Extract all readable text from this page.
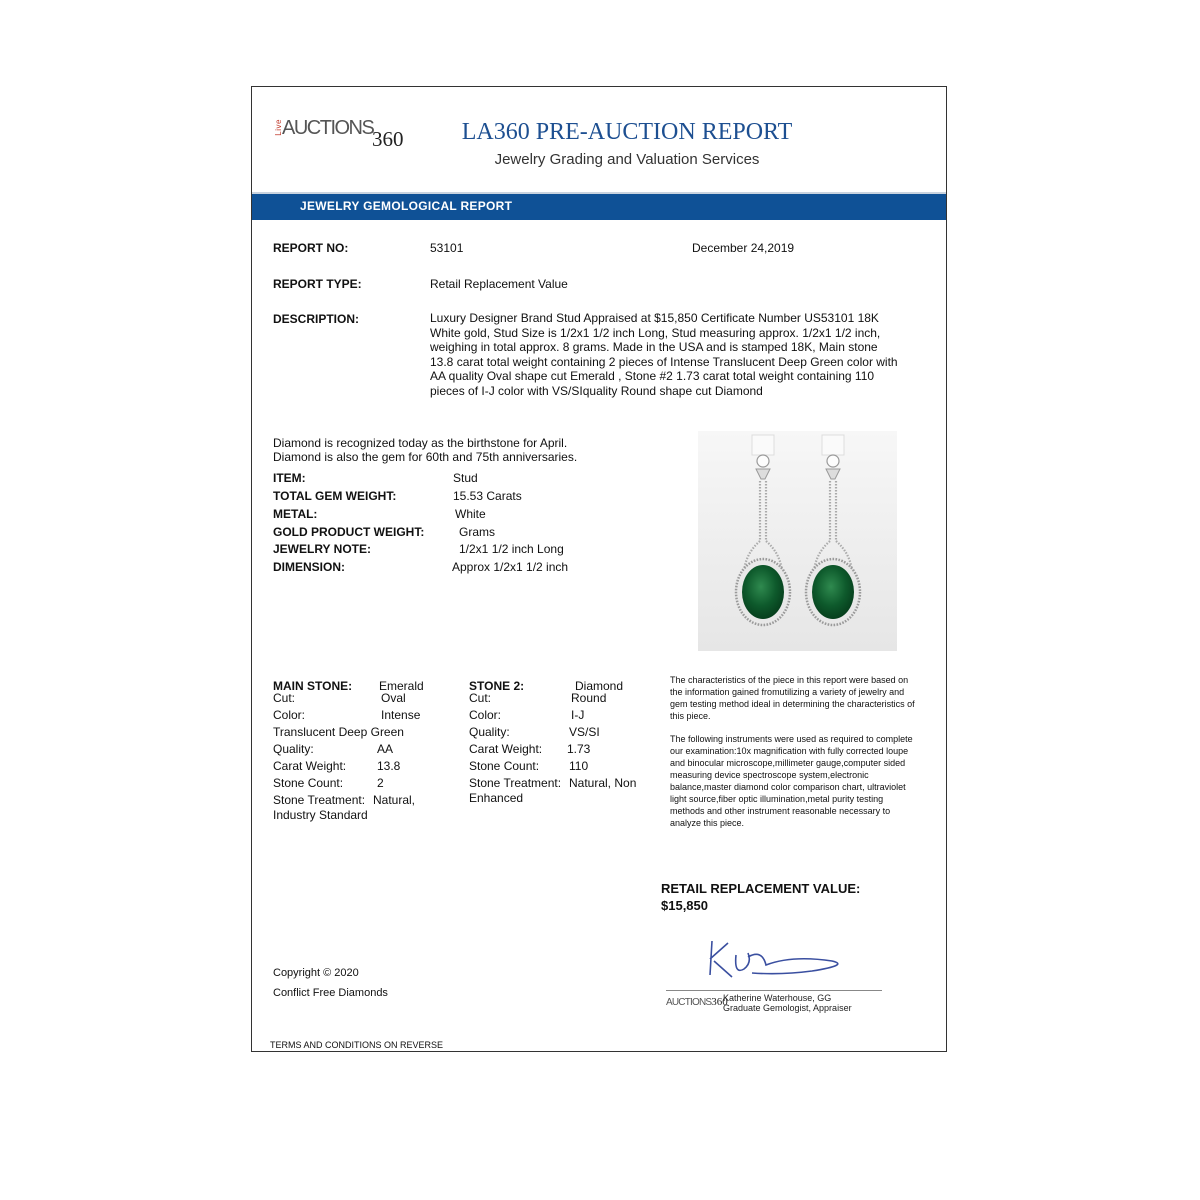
Live AUCTIONS
360	LA360 PRE-AUCTION REPORT
Jewelry Grading and Valuation Services
JEWELRY GEMOLOGICAL REPORT
REPORT NO:	53101	December 24,2019
REPORT TYPE:	Retail Replacement Value
DESCRIPTION:	Luxury Designer Brand Stud Appraised at $15,850 Certificate Number US53101 18K White gold, Stud Size is 1/2x1 1/2 inch Long, Stud measuring approx. 1/2x1 1/2 inch, weighing in total approx. 8 grams. Made in the USA and is stamped 18K, Main stone 13.8 carat total weight containing 2 pieces of Intense Translucent Deep Green color with AA quality Oval shape cut Emerald , Stone #2 1.73 carat total weight containing 110 pieces of I-J color with VS/SIquality Round shape cut Diamond
Diamond is recognized today as the birthstone for April.
Diamond is also the gem for 60th and 75th anniversaries.
ITEM:	Stud
TOTAL GEM WEIGHT:	15.53 Carats
METAL:	White
GOLD PRODUCT WEIGHT:	Grams
JEWELRY NOTE:	1/2x1 1/2 inch Long
DIMENSION:	Approx 1/2x1 1/2 inch
MAIN STONE: Emerald
Cut:	Oval
Color:	Intense
Translucent Deep Green
Quality:	AA
Carat Weight:	13.8
Stone Count:	2
Stone Treatment: Natural,
Industry Standard
STONE 2:	Diamond
Cut:	Round
Color:	I-J
Quality:	VS/SI
Carat Weight: 1.73
Stone Count: 110
Stone Treatment: Natural, Non
Enhanced
The characteristics of the piece in this report were based on the information gained fromutilizing a variety of jewelry and gem testing method ideal in determining the characteristics of this piece.
The following instruments were used as required to complete our examination:10x magnification with fully corrected loupe and binocular microscope,millimeter gauge,computer sided measuring device spectroscope system,electronic balance,master diamond color comparison chart, ultraviolet light source,fiber optic illumination,metal purity testing methods and other instrument reasonable necessary to analyze this piece.
RETAIL REPLACEMENT VALUE:
$15,850
Copyright © 2020
Conflict Free Diamonds
AUCTIONS360
Katherine Waterhouse, GG
Graduate Gemologist, Appraiser
TERMS AND CONDITIONS ON REVERSE
